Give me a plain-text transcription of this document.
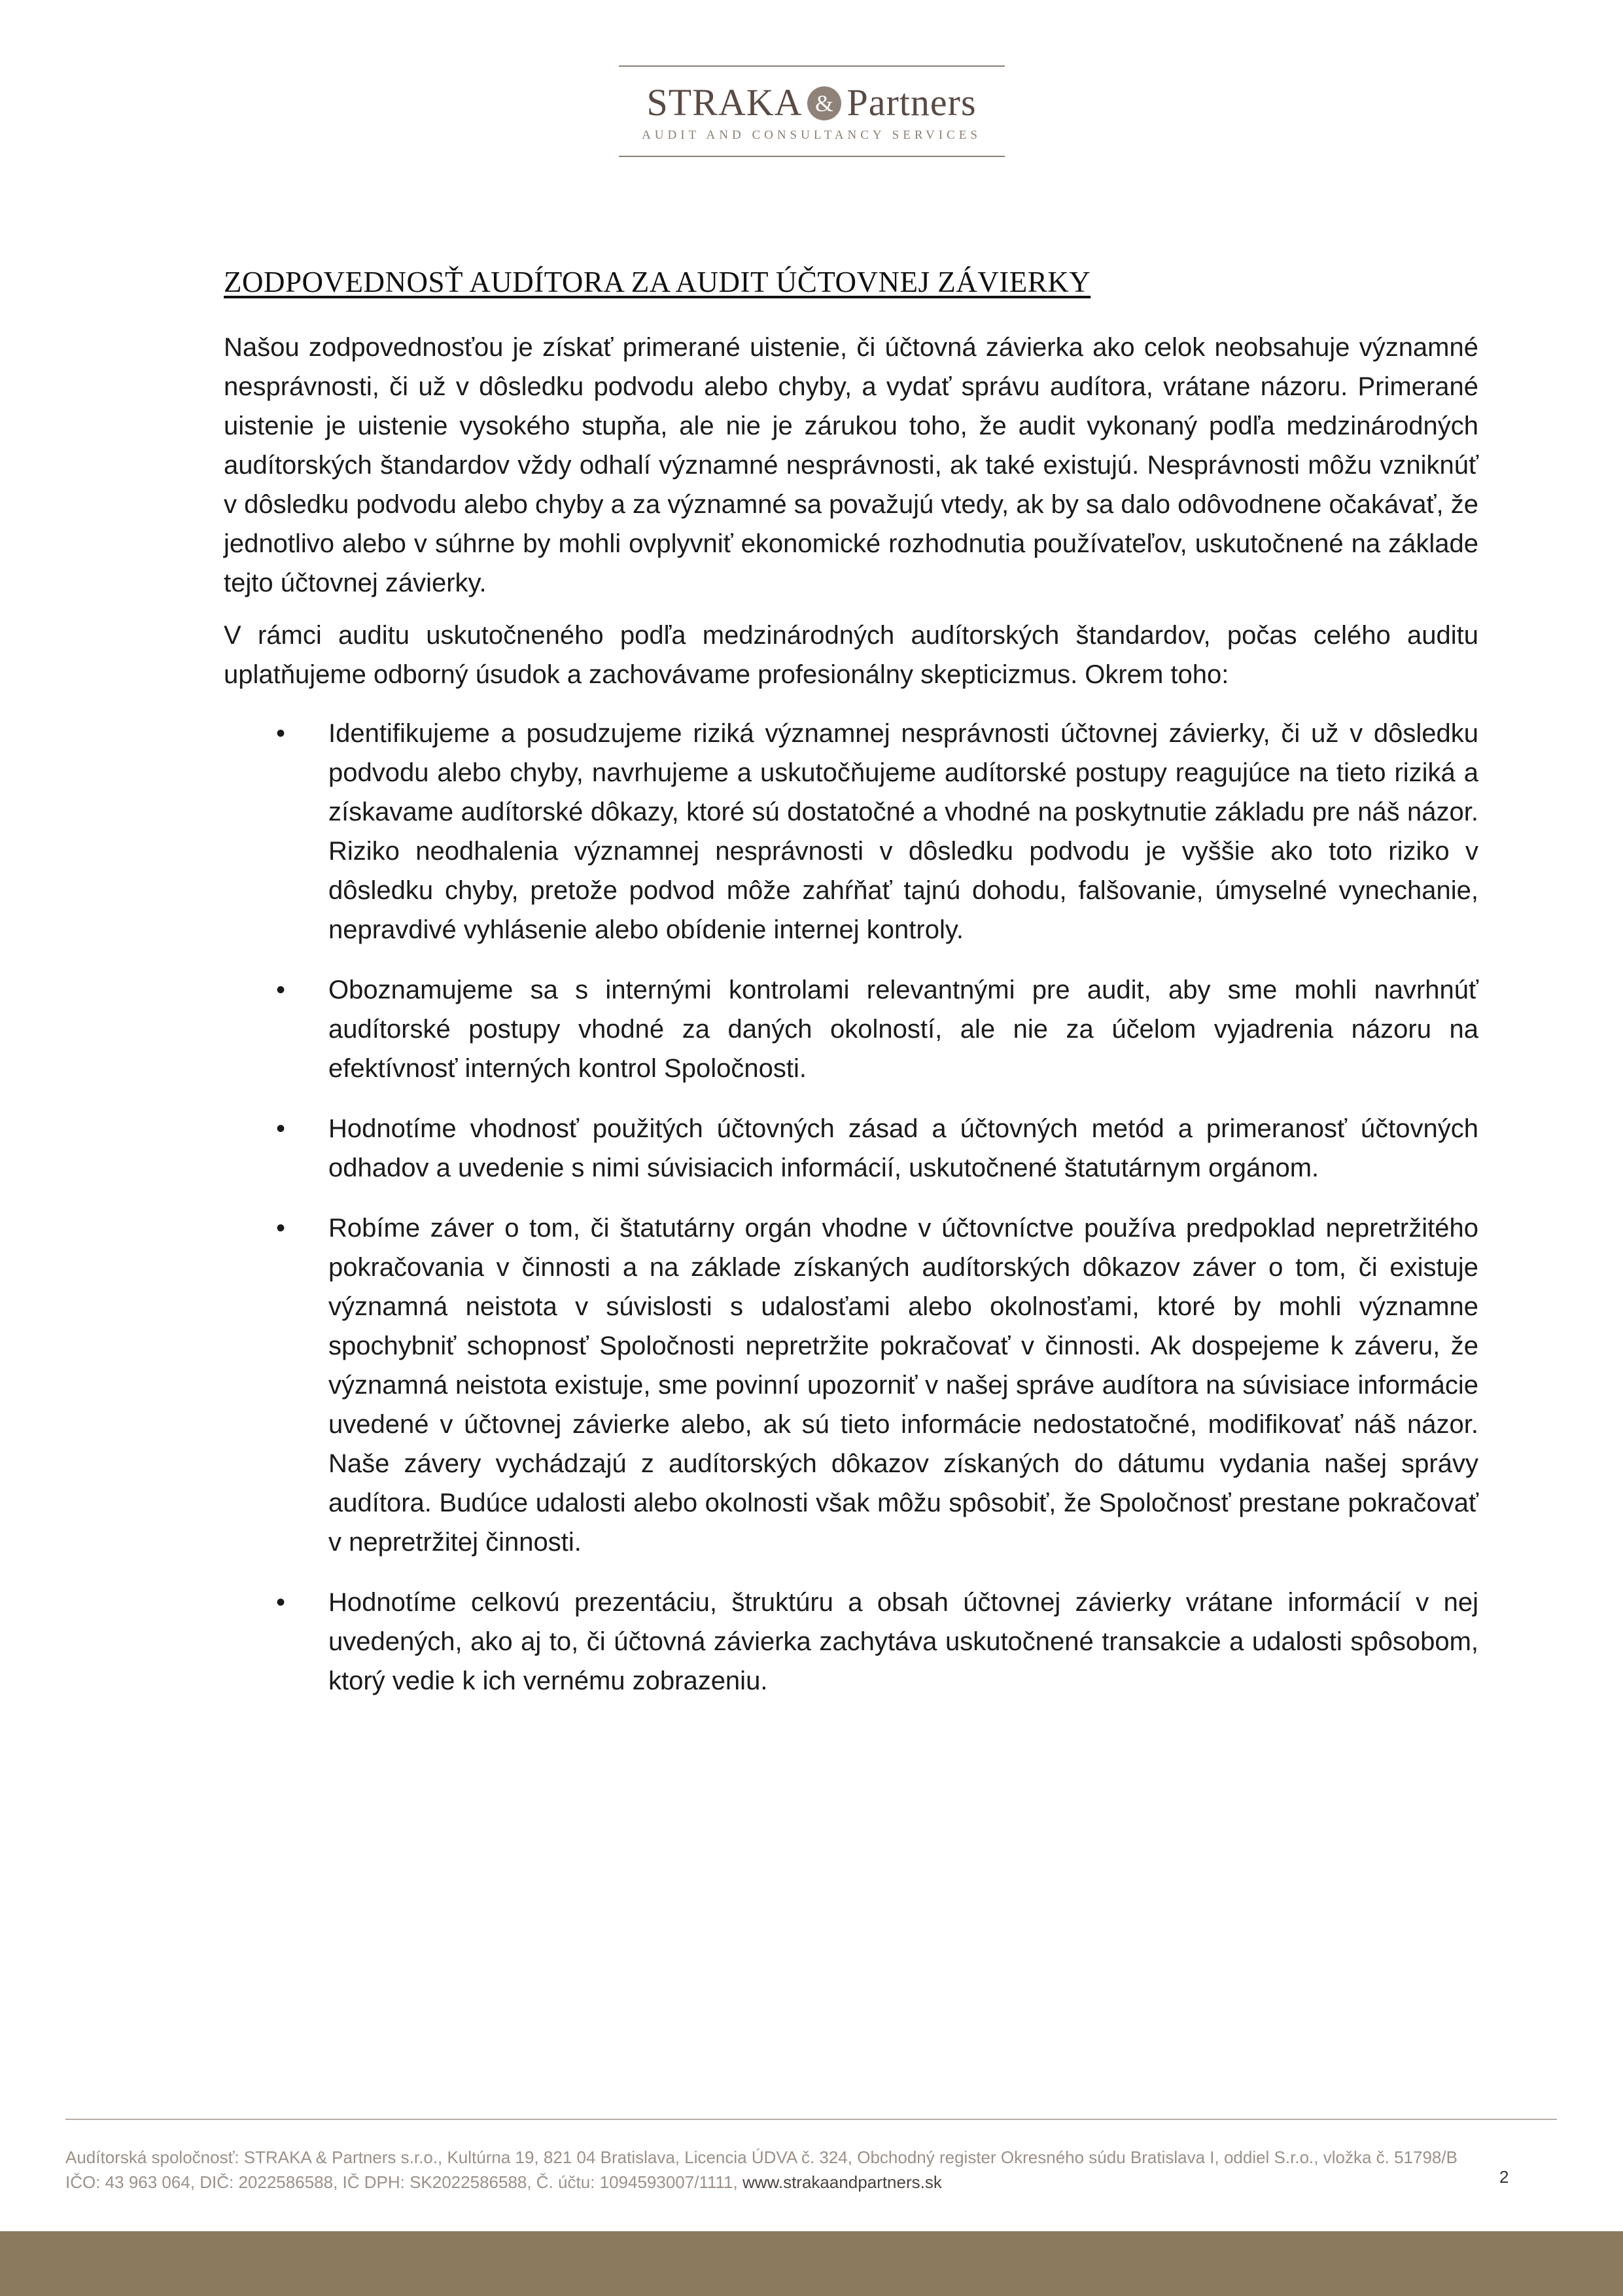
STRAKA & Partners
AUDIT AND CONSULTANCY SERVICES
ZODPOVEDNOSŤ AUDÍTORA ZA AUDIT ÚČTOVNEJ ZÁVIERKY

Našou zodpovednosťou je získať primerané uistenie, či účtovná závierka ako celok neobsahuje významné nesprávnosti, či už v dôsledku podvodu alebo chyby, a vydať správu audítora, vrátane názoru. Primerané uistenie je uistenie vysokého stupňa, ale nie je zárukou toho, že audit vykonaný podľa medzinárodných audítorských štandardov vždy odhalí významné nesprávnosti, ak také existujú. Nesprávnosti môžu vzniknúť v dôsledku podvodu alebo chyby a za významné sa považujú vtedy, ak by sa dalo odôvodnene očakávať, že jednotlivo alebo v súhrne by mohli ovplyvniť ekonomické rozhodnutia používateľov, uskutočnené na základe tejto účtovnej závierky.

V rámci auditu uskutočneného podľa medzinárodných audítorských štandardov, počas celého auditu uplatňujeme odborný úsudok a zachovávame profesionálny skepticizmus. Okrem toho:

• Identifikujeme a posudzujeme riziká významnej nesprávnosti účtovnej závierky, či už v dôsledku podvodu alebo chyby, navrhujeme a uskutočňujeme audítorské postupy reagujúce na tieto riziká a získavame audítorské dôkazy, ktoré sú dostatočné a vhodné na poskytnutie základu pre náš názor. Riziko neodhalenia významnej nesprávnosti v dôsledku podvodu je vyššie ako toto riziko v dôsledku chyby, pretože podvod môže zahŕňať tajnú dohodu, falšovanie, úmyselné vynechanie, nepravdivé vyhlásenie alebo obídenie internej kontroly.
• Oboznamujeme sa s internými kontrolami relevantnými pre audit, aby sme mohli navrhnúť audítorské postupy vhodné za daných okolností, ale nie za účelom vyjadrenia názoru na efektívnosť interných kontrol Spoločnosti.
• Hodnotíme vhodnosť použitých účtovných zásad a účtovných metód a primeranosť účtovných odhadov a uvedenie s nimi súvisiacich informácií, uskutočnené štatutárnym orgánom.
• Robíme záver o tom, či štatutárny orgán vhodne v účtovníctve používa predpoklad nepretržitého pokračovania v činnosti a na základe získaných audítorských dôkazov záver o tom, či existuje významná neistota v súvislosti s udalosťami alebo okolnosťami, ktoré by mohli významne spochybniť schopnosť Spoločnosti nepretržite pokračovať v činnosti. Ak dospejeme k záveru, že významná neistota existuje, sme povinní upozorniť v našej správe audítora na súvisiace informácie uvedené v účtovnej závierke alebo, ak sú tieto informácie nedostatočné, modifikovať náš názor. Naše závery vychádzajú z audítorských dôkazov získaných do dátumu vydania našej správy audítora. Budúce udalosti alebo okolnosti však môžu spôsobiť, že Spoločnosť prestane pokračovať v nepretržitej činnosti.
• Hodnotíme celkovú prezentáciu, štruktúru a obsah účtovnej závierky vrátane informácií v nej uvedených, ako aj to, či účtovná závierka zachytáva uskutočnené transakcie a udalosti spôsobom, ktorý vedie k ich vernému zobrazeniu.
Audítorská spoločnosť: STRAKA & Partners s.r.o., Kultúrna 19, 821 04 Bratislava, Licencia ÚDVA č. 324, Obchodný register Okresného súdu Bratislava I, oddiel S.r.o., vložka č. 51798/B
IČO: 43 963 064, DIČ: 2022586588, IČ DPH: SK2022586588, Č. účtu: 1094593007/1111, www.strakaandpartners.sk	2
